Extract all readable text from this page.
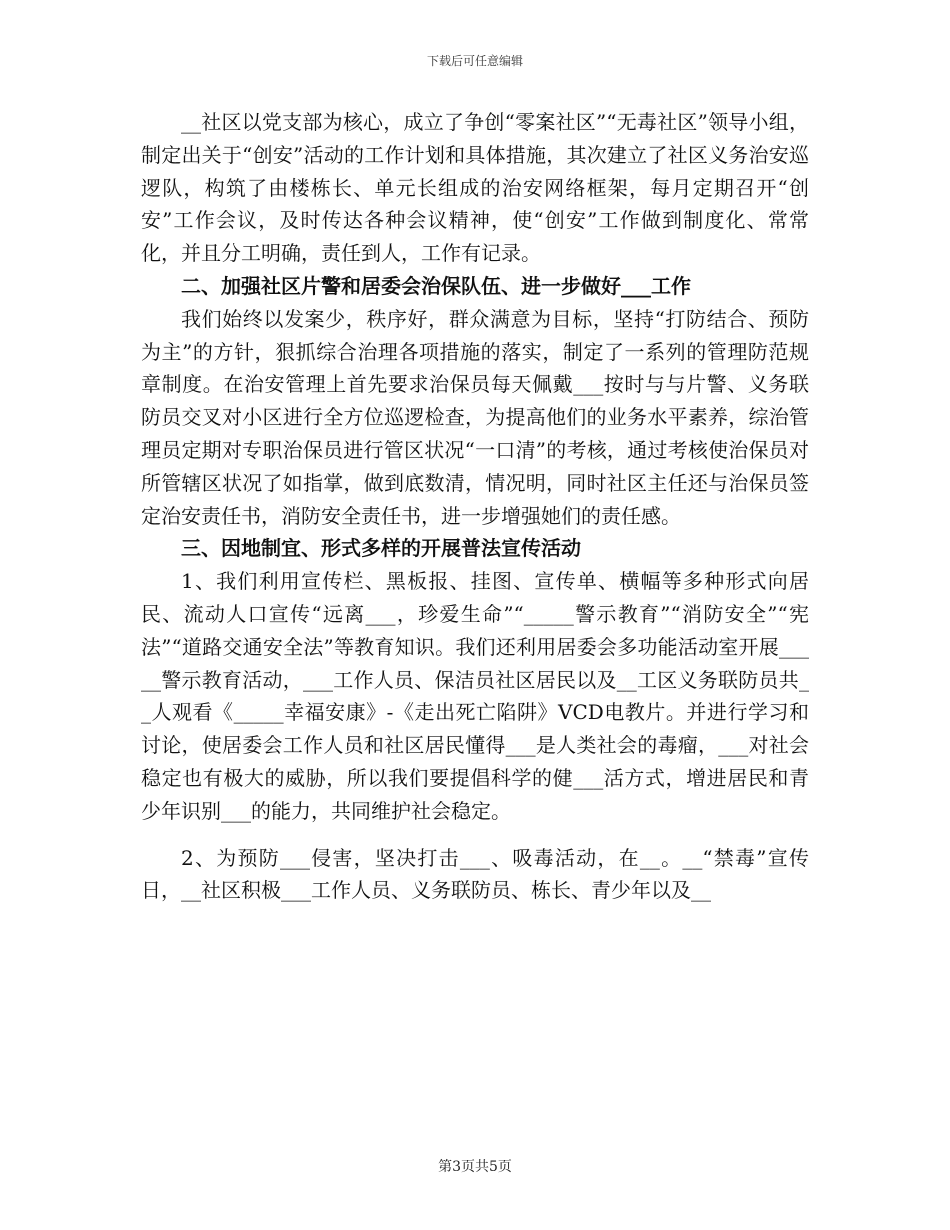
下载后可任意编辑

__社区以党支部为核心，成立了争创“零案社区”“无毒社区”领导小组，制定出关于“创安”活动的工作计划和具体措施，其次建立了社区义务治安巡逻队，构筑了由楼栋长、单元长组成的治安网络框架，每月定期召开“创安”工作会议，及时传达各种会议精神，使“创安”工作做到制度化、常常化，并且分工明确，责任到人，工作有记录。

二、加强社区片警和居委会治保队伍、进一步做好___工作

我们始终以发案少，秩序好，群众满意为目标，坚持“打防结合、预防为主”的方针，狠抓综合治理各项措施的落实，制定了一系列的管理防范规章制度。在治安管理上首先要求治保员每天佩戴___按时与与片警、义务联防员交叉对小区进行全方位巡逻检查，为提高他们的业务水平素养，综治管理员定期对专职治保员进行管区状况“一口清”的考核，通过考核使治保员对所管辖区状况了如指掌，做到底数清，情况明，同时社区主任还与治保员签定治安责任书，消防安全责任书，进一步增强她们的责任感。

三、因地制宜、形式多样的开展普法宣传活动

1、我们利用宣传栏、黑板报、挂图、宣传单、横幅等多种形式向居民、流动人口宣传“远离___，珍爱生命”“_____警示教育”“消防安全”“宪法”“道路交通安全法”等教育知识。我们还利用居委会多功能活动室开展_____警示教育活动，___工作人员、保洁员社区居民以及__工区义务联防员共__人观看《_____幸福安康》-《走出死亡陷阱》VCD电教片。并进行学习和讨论，使居委会工作人员和社区居民懂得___是人类社会的毒瘤，___对社会稳定也有极大的威胁，所以我们要提倡科学的健___活方式，增进居民和青少年识别___的能力，共同维护社会稳定。

2、为预防___侵害，坚决打击___、吸毒活动，在__。__“禁毒”宣传日，__社区积极___工作人员、义务联防员、栋长、青少年以及__

第3页共5页
